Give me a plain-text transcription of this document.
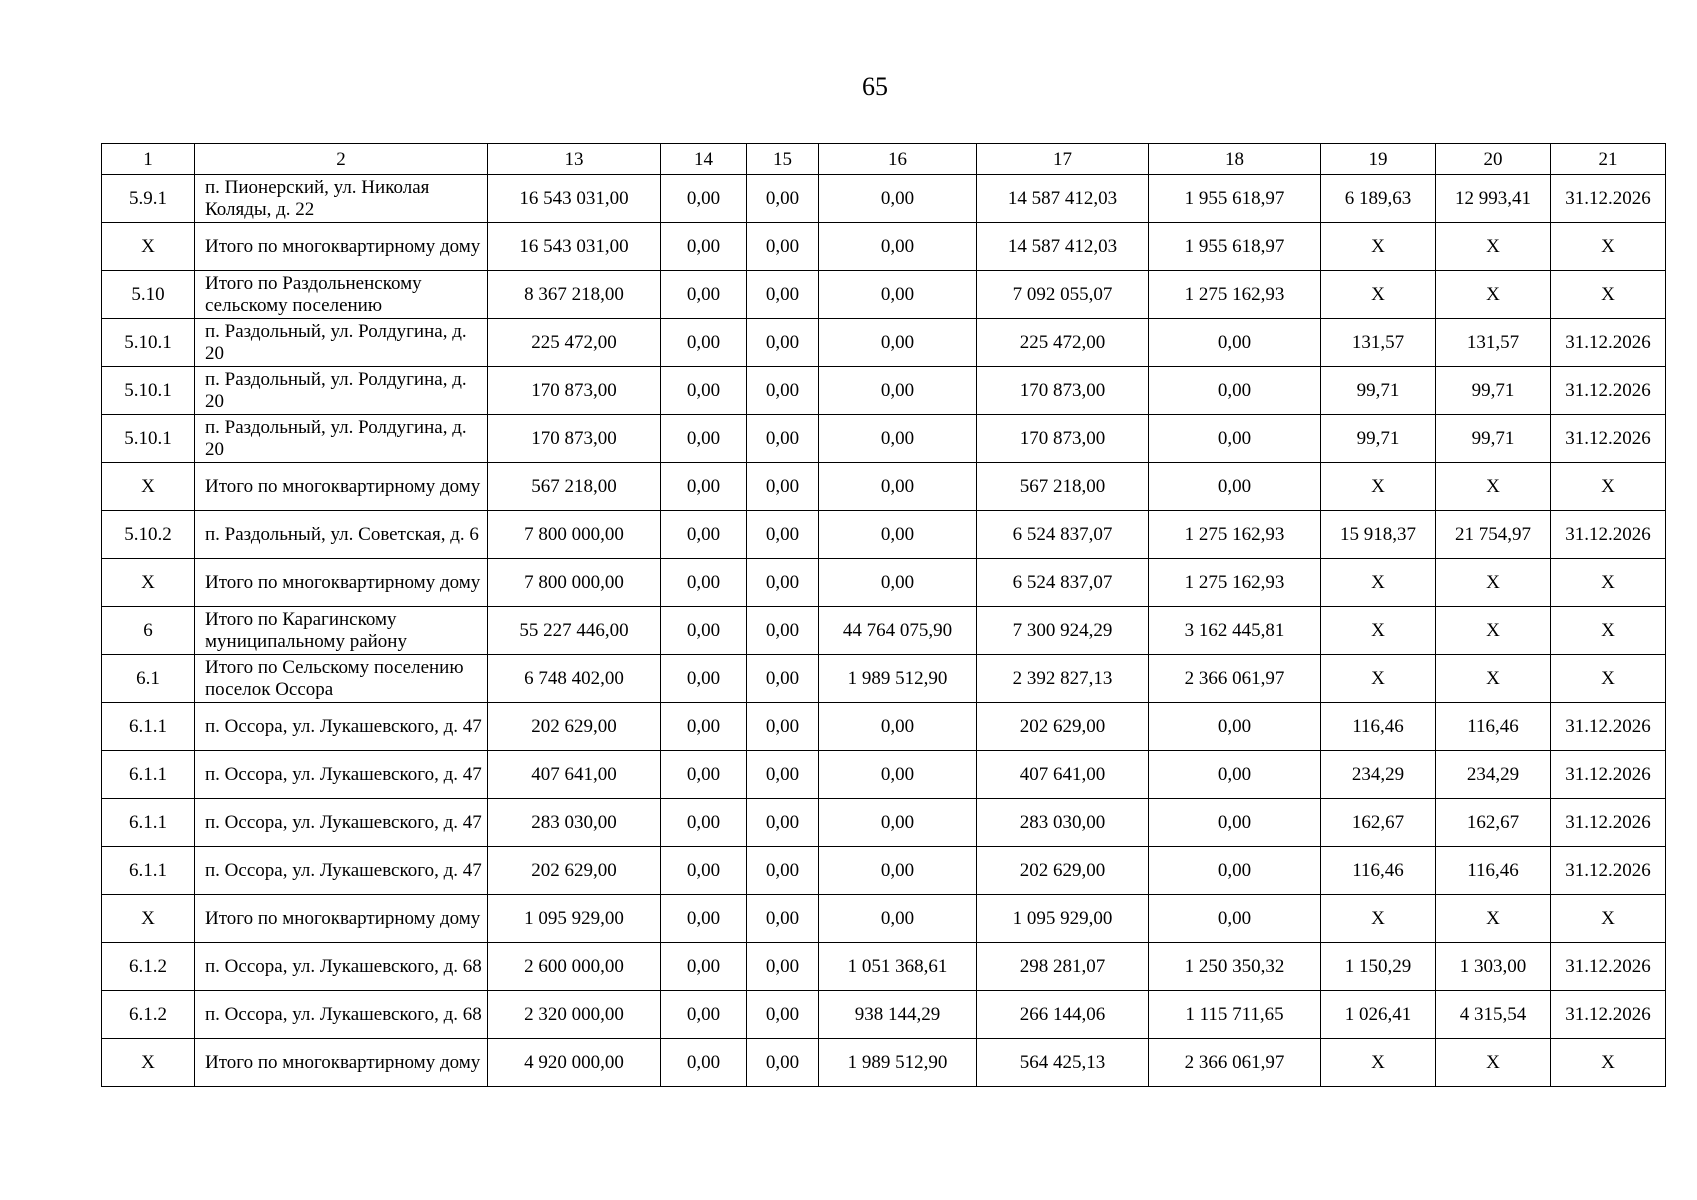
65
1	2	13	14	15	16	17	18	19	20	21
5.9.1	п. Пионерский, ул. Николая Коляды, д. 22	16 543 031,00	0,00	0,00	0,00	14 587 412,03	1 955 618,97	6 189,63	12 993,41	31.12.2026
Х	Итого по многоквартирному дому	16 543 031,00	0,00	0,00	0,00	14 587 412,03	1 955 618,97	Х	Х	Х
5.10	Итого по Раздольненскому сельскому поселению	8 367 218,00	0,00	0,00	0,00	7 092 055,07	1 275 162,93	Х	Х	Х
5.10.1	п. Раздольный, ул. Ролдугина, д. 20	225 472,00	0,00	0,00	0,00	225 472,00	0,00	131,57	131,57	31.12.2026
5.10.1	п. Раздольный, ул. Ролдугина, д. 20	170 873,00	0,00	0,00	0,00	170 873,00	0,00	99,71	99,71	31.12.2026
5.10.1	п. Раздольный, ул. Ролдугина, д. 20	170 873,00	0,00	0,00	0,00	170 873,00	0,00	99,71	99,71	31.12.2026
Х	Итого по многоквартирному дому	567 218,00	0,00	0,00	0,00	567 218,00	0,00	Х	Х	Х
5.10.2	п. Раздольный, ул. Советская, д. 6	7 800 000,00	0,00	0,00	0,00	6 524 837,07	1 275 162,93	15 918,37	21 754,97	31.12.2026
Х	Итого по многоквартирному дому	7 800 000,00	0,00	0,00	0,00	6 524 837,07	1 275 162,93	Х	Х	Х
6	Итого по Карагинскому муниципальному району	55 227 446,00	0,00	0,00	44 764 075,90	7 300 924,29	3 162 445,81	Х	Х	Х
6.1	Итого по Сельскому поселению поселок Оссора	6 748 402,00	0,00	0,00	1 989 512,90	2 392 827,13	2 366 061,97	Х	Х	Х
6.1.1	п. Оссора, ул. Лукашевского, д. 47	202 629,00	0,00	0,00	0,00	202 629,00	0,00	116,46	116,46	31.12.2026
6.1.1	п. Оссора, ул. Лукашевского, д. 47	407 641,00	0,00	0,00	0,00	407 641,00	0,00	234,29	234,29	31.12.2026
6.1.1	п. Оссора, ул. Лукашевского, д. 47	283 030,00	0,00	0,00	0,00	283 030,00	0,00	162,67	162,67	31.12.2026
6.1.1	п. Оссора, ул. Лукашевского, д. 47	202 629,00	0,00	0,00	0,00	202 629,00	0,00	116,46	116,46	31.12.2026
Х	Итого по многоквартирному дому	1 095 929,00	0,00	0,00	0,00	1 095 929,00	0,00	Х	Х	Х
6.1.2	п. Оссора, ул. Лукашевского, д. 68	2 600 000,00	0,00	0,00	1 051 368,61	298 281,07	1 250 350,32	1 150,29	1 303,00	31.12.2026
6.1.2	п. Оссора, ул. Лукашевского, д. 68	2 320 000,00	0,00	0,00	938 144,29	266 144,06	1 115 711,65	1 026,41	4 315,54	31.12.2026
Х	Итого по многоквартирному дому	4 920 000,00	0,00	0,00	1 989 512,90	564 425,13	2 366 061,97	Х	Х	Х
